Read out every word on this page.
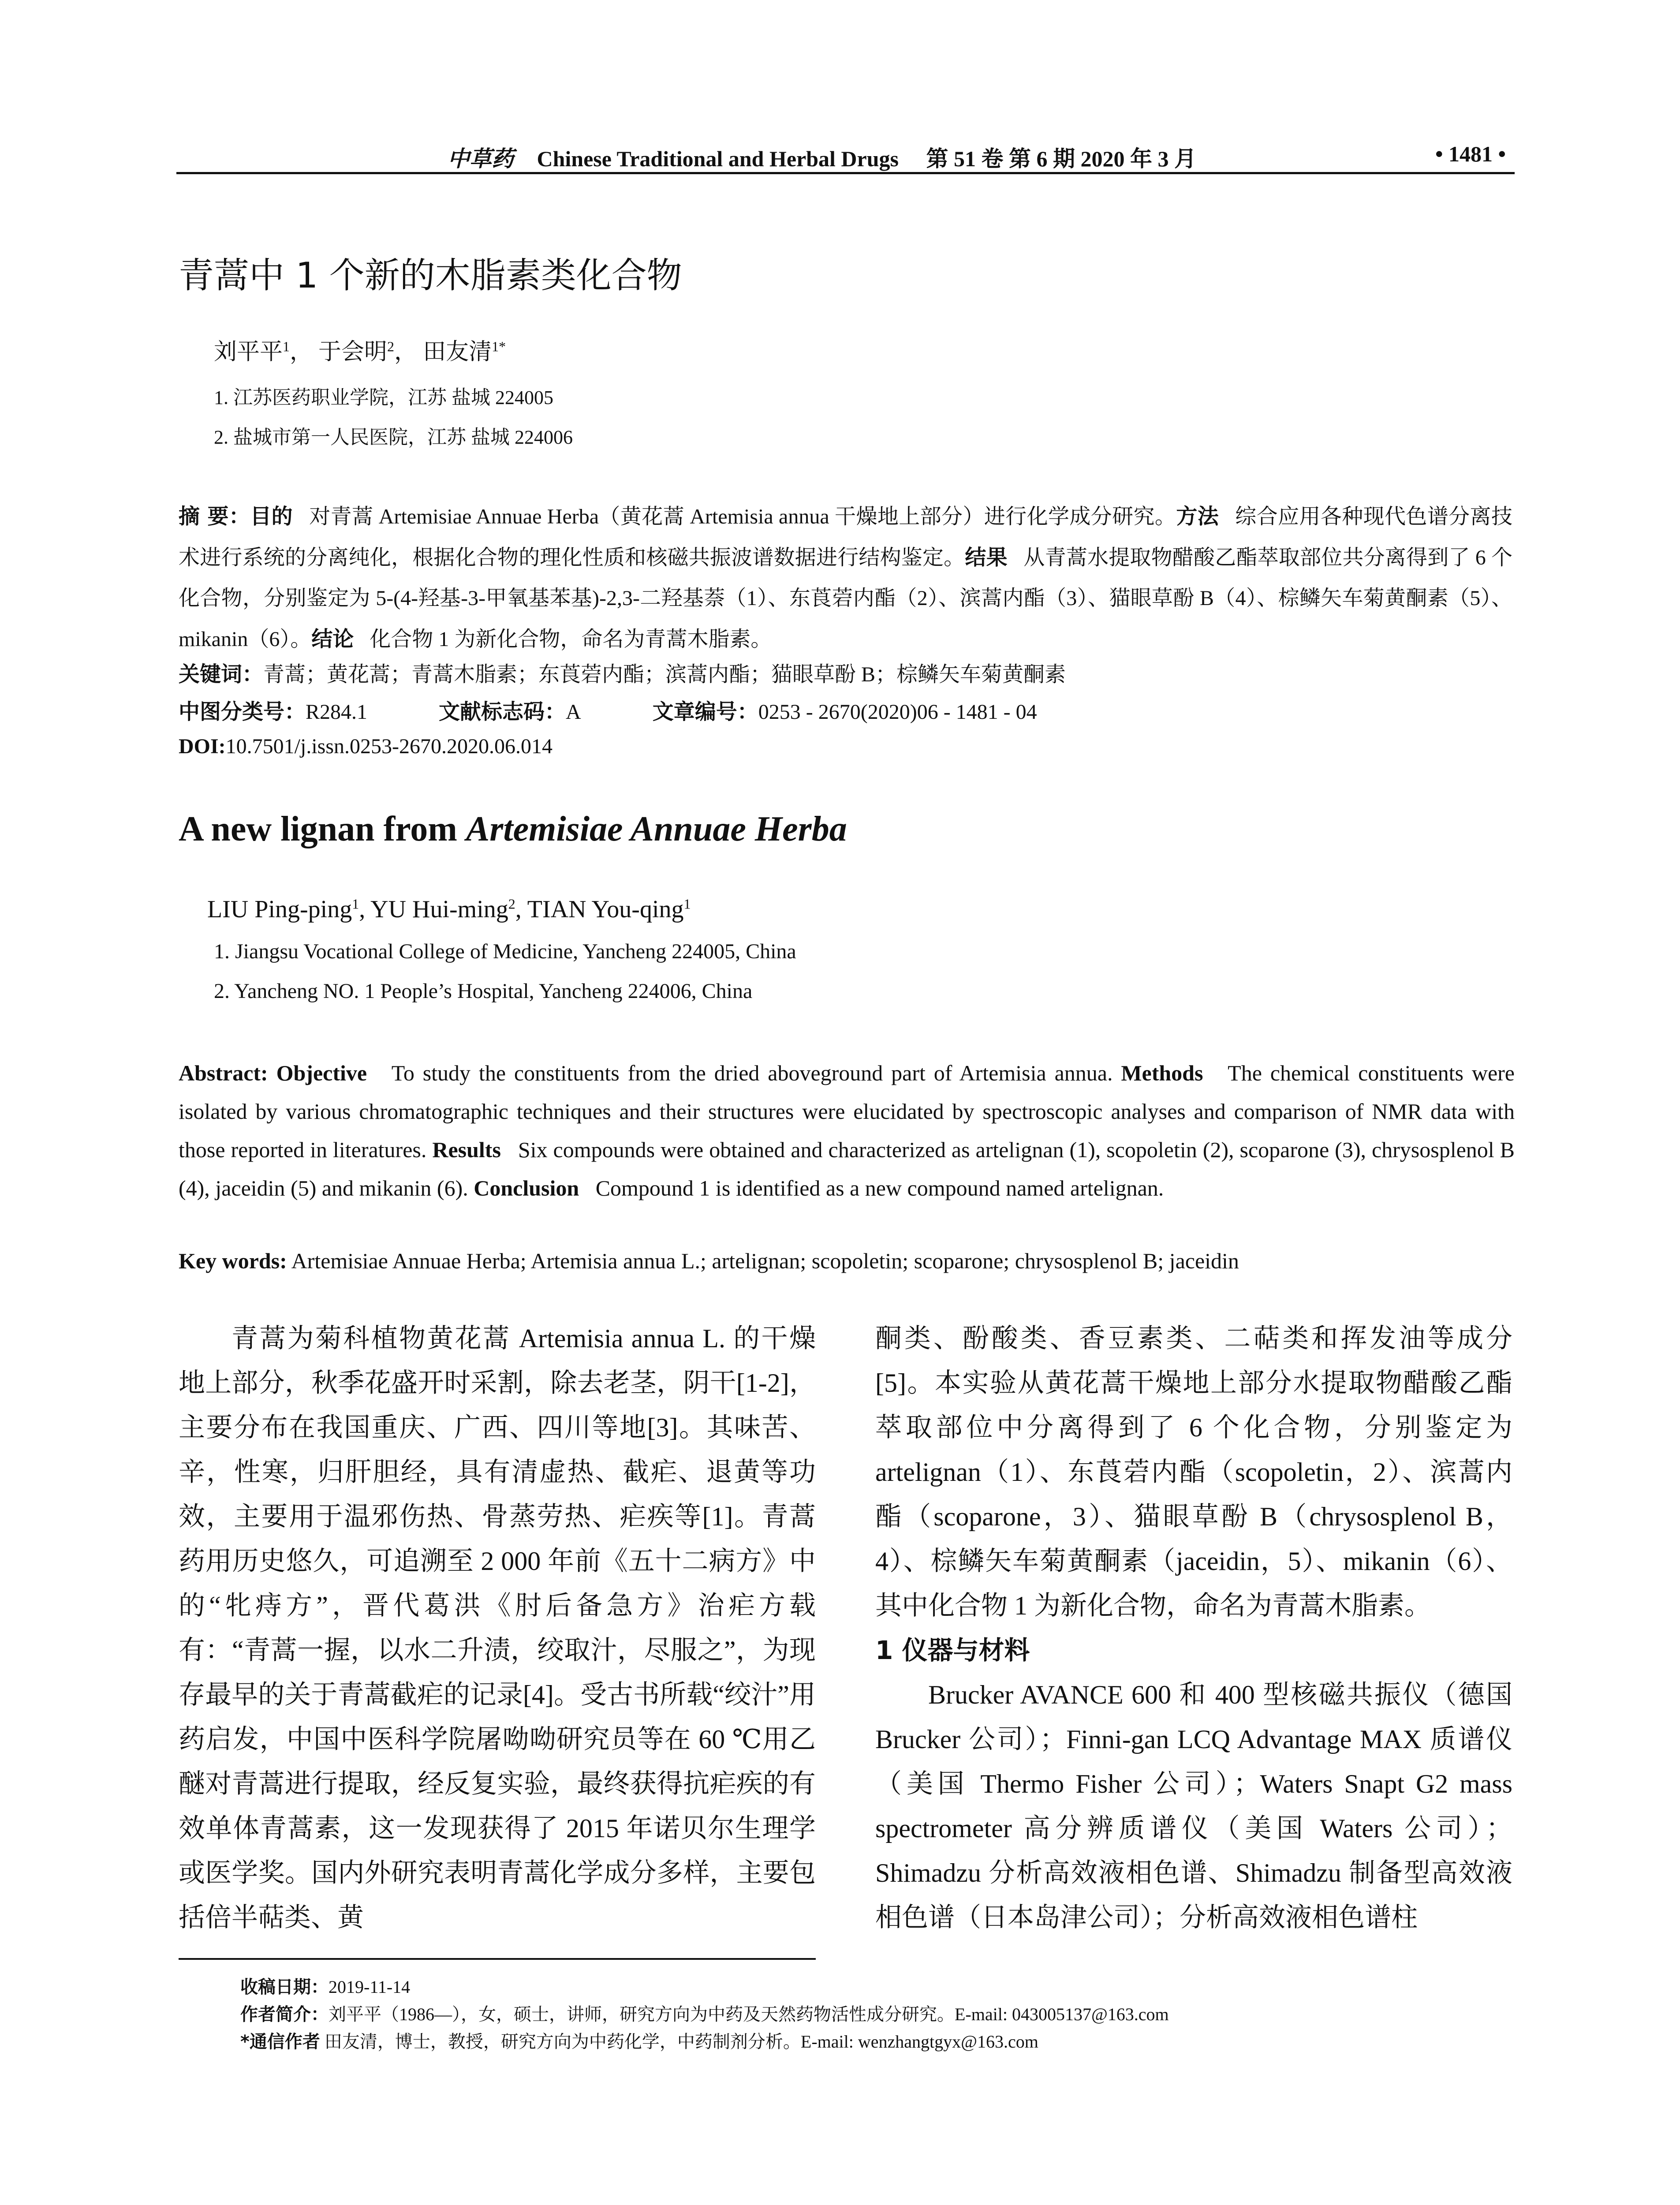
中草药 Chinese Traditional and Herbal Drugs 第 51 卷 第 6 期 2020 年 3 月	• 1481 •
青蒿中 1 个新的木脂素类化合物
刘平平$^1$， 于会明$^2$， 田友清$^{1*}$
1. 江苏医药职业学院，江苏 盐城 224005
2. 盐城市第一人民医院，江苏 盐城 224006
摘 要：目的 对青蒿 Artemisiae Annuae Herba（黄花蒿 Artemisia annua 干燥地上部分）进行化学成分研究。方法 综合应用各种现代色谱分离技术进行系统的分离纯化，根据化合物的理化性质和核磁共振波谱数据进行结构鉴定。结果 从青蒿水提取物醋酸乙酯萃取部位共分离得到了 6 个化合物，分别鉴定为 5-(4-羟基-3-甲氧基苯基)-2,3-二羟基萘（1）、东莨菪内酯（2）、滨蒿内酯（3）、猫眼草酚 B（4）、棕鳞矢车菊黄酮素（5）、mikanin（6）。结论 化合物 1 为新化合物，命名为青蒿木脂素。
关键词：青蒿；黄花蒿；青蒿木脂素；东莨菪内酯；滨蒿内酯；猫眼草酚 B；棕鳞矢车菊黄酮素
中图分类号：R284.1	文献标志码：A	文章编号：0253 - 2670(2020)06 - 1481 - 04
DOI:10.7501/j.issn.0253-2670.2020.06.014
A new lignan from Artemisiae Annuae Herba
LIU Ping-ping$^1$, YU Hui-ming$^2$, TIAN You-qing$^1$
1. Jiangsu Vocational College of Medicine, Yancheng 224005, China
2. Yancheng NO. 1 People’s Hospital, Yancheng 224006, China
Abstract: Objective To study the constituents from the dried aboveground part of Artemisia annua. Methods The chemical constituents were isolated by various chromatographic techniques and their structures were elucidated by spectroscopic analyses and comparison of NMR data with those reported in literatures. Results Six compounds were obtained and characterized as artelignan (1), scopoletin (2), scoparone (3), chrysosplenol B (4), jaceidin (5) and mikanin (6). Conclusion Compound 1 is identified as a new compound named artelignan.
Key words: Artemisiae Annuae Herba; Artemisia annua L.; artelignan; scopoletin; scoparone; chrysosplenol B; jaceidin

青蒿为菊科植物黄花蒿 Artemisia annua L. 的干燥地上部分，秋季花盛开时采割，除去老茎，阴干[1-2]，主要分布在我国重庆、广西、四川等地[3]。其味苦、辛，性寒，归肝胆经，具有清虚热、截疟、退黄等功效，主要用于温邪伤热、骨蒸劳热、疟疾等[1]。青蒿药用历史悠久，可追溯至 2 000 年前《五十二病方》中的“牝痔方”，晋代葛洪《肘后备急方》治疟方载有：“青蒿一握，以水二升渍，绞取汁，尽服之”，为现存最早的关于青蒿截疟的记录[4]。受古书所载“绞汁”用药启发，中国中医科学院屠呦呦研究员等在 60 ℃用乙醚对青蒿进行提取，经反复实验，最终获得抗疟疾的有效单体青蒿素，这一发现获得了 2015 年诺贝尔生理学或医学奖。国内外研究表明青蒿化学成分多样，主要包括倍半萜类、黄

酮类、酚酸类、香豆素类、二萜类和挥发油等成分[5]。本实验从黄花蒿干燥地上部分水提取物醋酸乙酯萃取部位中分离得到了 6 个化合物，分别鉴定为 artelignan（1）、东莨菪内酯（scopoletin，2）、滨蒿内酯（scoparone，3）、猫眼草酚 B（chrysosplenol B，4）、棕鳞矢车菊黄酮素（jaceidin，5）、mikanin（6）、其中化合物 1 为新化合物，命名为青蒿木脂素。

1 仪器与材料

Brucker AVANCE 600 和 400 型核磁共振仪（德国 Brucker 公司）；Finni-gan LCQ Advantage MAX 质谱仪（美国 Thermo Fisher 公司）；Waters Snapt G2 mass spectrometer 高分辨质谱仪（美国 Waters 公司）；Shimadzu 分析高效液相色谱、Shimadzu 制备型高效液相色谱（日本岛津公司）；分析高效液相色谱柱

收稿日期：2019-11-14
作者简介：刘平平（1986—），女，硕士，讲师，研究方向为中药及天然药物活性成分研究。E-mail: 043005137@163.com
*通信作者 田友清，博士，教授，研究方向为中药化学，中药制剂分析。E-mail: wenzhangtgyx@163.com
